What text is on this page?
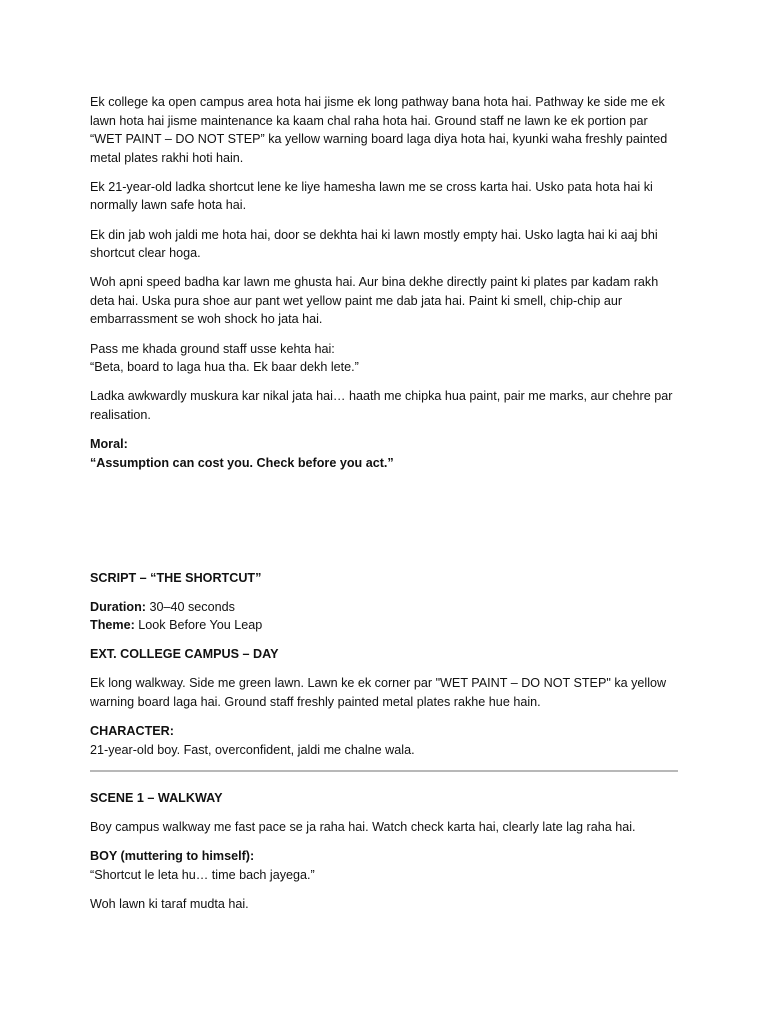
Ek college ka open campus area hota hai jisme ek long pathway bana hota hai. Pathway ke side me ek lawn hota hai jisme maintenance ka kaam chal raha hota hai. Ground staff ne lawn ke ek portion par “WET PAINT – DO NOT STEP” ka yellow warning board laga diya hota hai, kyunki waha freshly painted metal plates rakhi hoti hain.

Ek 21-year-old ladka shortcut lene ke liye hamesha lawn me se cross karta hai. Usko pata hota hai ki normally lawn safe hota hai.

Ek din jab woh jaldi me hota hai, door se dekhta hai ki lawn mostly empty hai. Usko lagta hai ki aaj bhi shortcut clear hoga.

Woh apni speed badha kar lawn me ghusta hai. Aur bina dekhe directly paint ki plates par kadam rakh deta hai. Uska pura shoe aur pant wet yellow paint me dab jata hai. Paint ki smell, chip-chip aur embarrassment se woh shock ho jata hai.

Pass me khada ground staff usse kehta hai:
“Beta, board to laga hua tha. Ek baar dekh lete.”

Ladka awkwardly muskura kar nikal jata hai… haath me chipka hua paint, pair me marks, aur chehre par realisation.

Moral:
“Assumption can cost you. Check before you act.”

SCRIPT – “THE SHORTCUT”

Duration: 30–40 seconds
Theme: Look Before You Leap

EXT. COLLEGE CAMPUS – DAY

Ek long walkway. Side me green lawn. Lawn ke ek corner par "WET PAINT – DO NOT STEP" ka yellow warning board laga hai. Ground staff freshly painted metal plates rakhe hue hain.

CHARACTER:
21-year-old boy. Fast, overconfident, jaldi me chalne wala.

SCENE 1 – WALKWAY

Boy campus walkway me fast pace se ja raha hai. Watch check karta hai, clearly late lag raha hai.

BOY (muttering to himself):
“Shortcut le leta hu… time bach jayega.”

Woh lawn ki taraf mudta hai.
